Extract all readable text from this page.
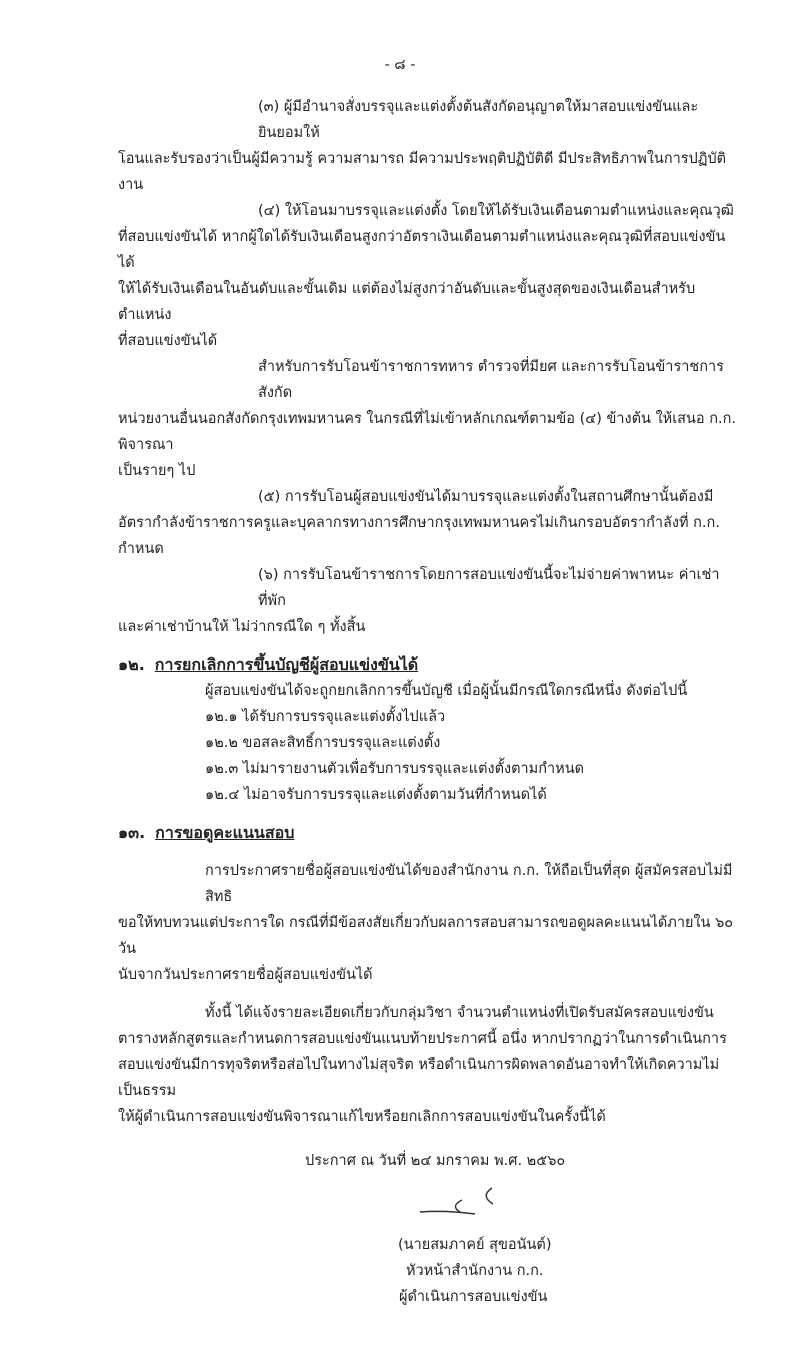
- ๘ -
(๓) ผู้มีอำนาจสั่งบรรจุและแต่งตั้งต้นสังกัดอนุญาตให้มาสอบแข่งขันและยินยอมให้
โอนและรับรองว่าเป็นผู้มีความรู้ ความสามารถ มีความประพฤติปฏิบัติดี มีประสิทธิภาพในการปฏิบัติงาน
(๔) ให้โอนมาบรรจุและแต่งตั้ง โดยให้ได้รับเงินเดือนตามตำแหน่งและคุณวุฒิ
ที่สอบแข่งขันได้ หากผู้ใดได้รับเงินเดือนสูงกว่าอัตราเงินเดือนตามตำแหน่งและคุณวุฒิที่สอบแข่งขันได้
ให้ได้รับเงินเดือนในอันดับและขั้นเดิม แต่ต้องไม่สูงกว่าอันดับและขั้นสูงสุดของเงินเดือนสำหรับตำแหน่ง
ที่สอบแข่งขันได้
สำหรับการรับโอนข้าราชการทหาร ตำรวจที่มียศ และการรับโอนข้าราชการสังกัด
หน่วยงานอื่นนอกสังกัดกรุงเทพมหานคร ในกรณีที่ไม่เข้าหลักเกณฑ์ตามข้อ (๔) ข้างต้น ให้เสนอ ก.ก. พิจารณา
เป็นรายๆ ไป
(๕) การรับโอนผู้สอบแข่งขันได้มาบรรจุและแต่งตั้งในสถานศึกษานั้นต้องมี
อัตรากำลังข้าราชการครูและบุคลากรทางการศึกษากรุงเทพมหานครไม่เกินกรอบอัตรากำลังที่ ก.ก. กำหนด
(๖) การรับโอนข้าราชการโดยการสอบแข่งขันนี้จะไม่จ่ายค่าพาหนะ ค่าเช่าที่พัก
และค่าเช่าบ้านให้ ไม่ว่ากรณีใด ๆ ทั้งสิ้น
๑๒. การยกเลิกการขึ้นบัญชีผู้สอบแข่งขันได้
ผู้สอบแข่งขันได้จะถูกยกเลิกการขึ้นบัญชี เมื่อผู้นั้นมีกรณีใดกรณีหนึ่ง ดังต่อไปนี้
๑๒.๑ ได้รับการบรรจุและแต่งตั้งไปแล้ว
๑๒.๒ ขอสละสิทธิ์การบรรจุและแต่งตั้ง
๑๒.๓ ไม่มารายงานตัวเพื่อรับการบรรจุและแต่งตั้งตามกำหนด
๑๒.๔ ไม่อาจรับการบรรจุและแต่งตั้งตามวันที่กำหนดได้
๑๓. การขอดูคะแนนสอบ
การประกาศรายชื่อผู้สอบแข่งขันได้ของสำนักงาน ก.ก. ให้ถือเป็นที่สุด ผู้สมัครสอบไม่มีสิทธิ
ขอให้ทบทวนแต่ประการใด กรณีที่มีข้อสงสัยเกี่ยวกับผลการสอบสามารถขอดูผลคะแนนได้ภายใน ๖๐ วัน
นับจากวันประกาศรายชื่อผู้สอบแข่งขันได้
ทั้งนี้ ได้แจ้งรายละเอียดเกี่ยวกับกลุ่มวิชา จำนวนตำแหน่งที่เปิดรับสมัครสอบแข่งขัน
ตารางหลักสูตรและกำหนดการสอบแข่งขันแนบท้ายประกาศนี้ อนึ่ง หากปรากฏว่าในการดำเนินการ
สอบแข่งขันมีการทุจริตหรือส่อไปในทางไม่สุจริต หรือดำเนินการผิดพลาดอันอาจทำให้เกิดความไม่เป็นธรรม
ให้ผู้ดำเนินการสอบแข่งขันพิจารณาแก้ไขหรือยกเลิกการสอบแข่งขันในครั้งนี้ได้
ประกาศ ณ วันที่ ๒๔ มกราคม พ.ศ. ๒๕๖๐
(นายสมภาคย์ สุขอนันต์)
หัวหน้าสำนักงาน ก.ก.
ผู้ดำเนินการสอบแข่งขัน
